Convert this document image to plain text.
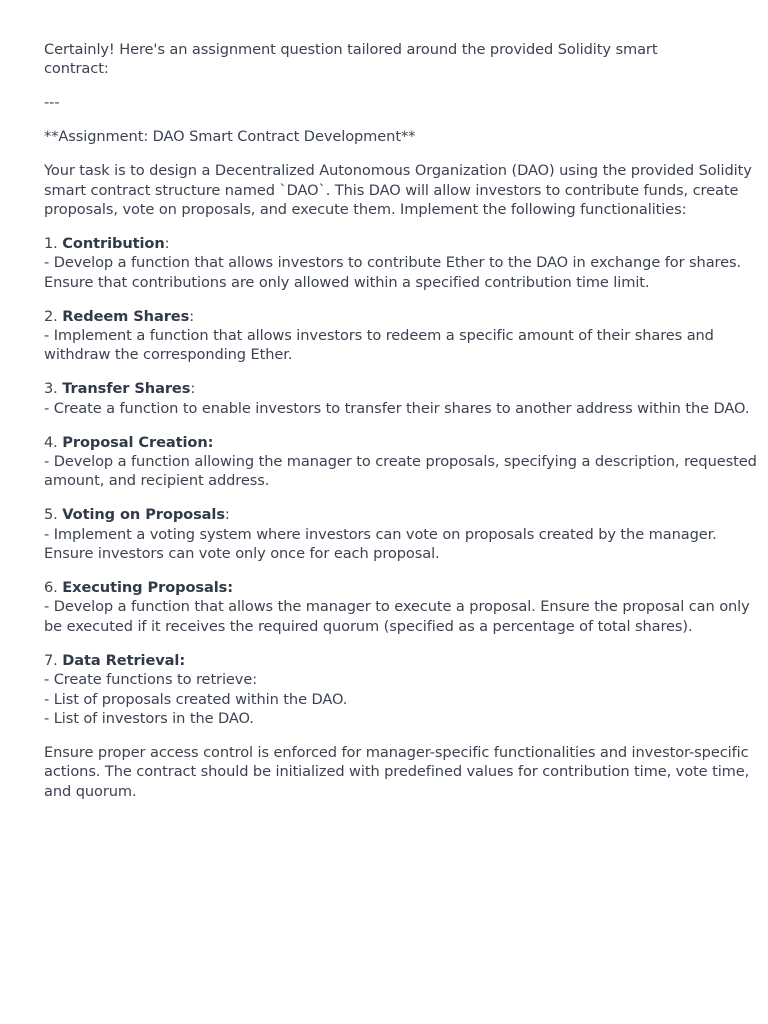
Certainly! Here's an assignment question tailored around the provided Solidity smart contract:

---

**Assignment: DAO Smart Contract Development**

Your task is to design a Decentralized Autonomous Organization (DAO) using the provided Solidity
smart contract structure named `DAO`. This DAO will allow investors to contribute funds, create
proposals, vote on proposals, and execute them. Implement the following functionalities:

1. Contribution:
- Develop a function that allows investors to contribute Ether to the DAO in exchange for shares.
Ensure that contributions are only allowed within a specified contribution time limit.
2. Redeem Shares:
- Implement a function that allows investors to redeem a specific amount of their shares and
withdraw the corresponding Ether.
3. Transfer Shares:
- Create a function to enable investors to transfer their shares to another address within the DAO.
4. Proposal Creation:
- Develop a function allowing the manager to create proposals, specifying a description, requested
amount, and recipient address.
5. Voting on Proposals:
- Implement a voting system where investors can vote on proposals created by the manager.
Ensure investors can vote only once for each proposal.
6. Executing Proposals:
- Develop a function that allows the manager to execute a proposal. Ensure the proposal can only
be executed if it receives the required quorum (specified as a percentage of total shares).
7. Data Retrieval:
- Create functions to retrieve:
- List of proposals created within the DAO.
- List of investors in the DAO.

Ensure proper access control is enforced for manager-specific functionalities and investor-specific
actions. The contract should be initialized with predefined values for contribution time, vote time,
and quorum.
